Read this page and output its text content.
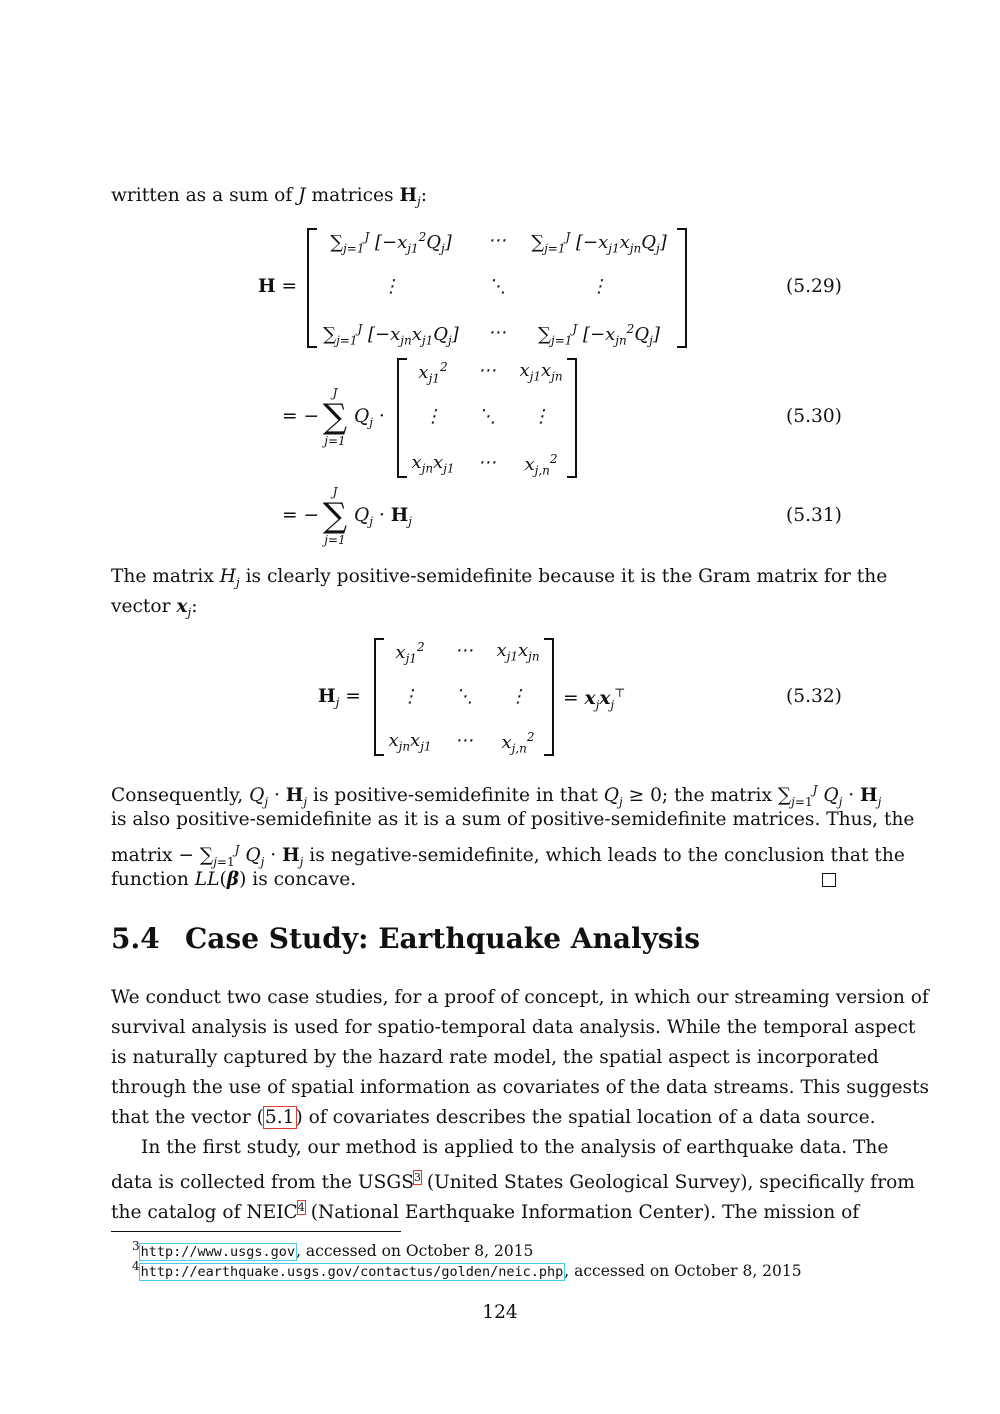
written as a sum of J matrices $H_j$:
H =
$\sum_{j=1}^J$ $[-x_{j1}^2Q_j]$ ⋯ $\sum_{j=1}^J$ $[-x_{j1}x_{jn}Q_j]$
⋮	⋱	⋮
$\sum_{j=1}^J$ $[-x_{jn}x_{j1}Q_j]$ ⋯ $\sum_{j=1}^J$ $[-x_{jn}^2Q_j]$
(5.29)
= −
J
∑
j=1
$Q_j$ ·
$x_{j1}^2$ ⋯ $x_{j1}x_{jn}$
⋮ ⋱ ⋮
$x_{jn}x_{j1}$ ⋯ $x_{j,n}^2$
(5.30)
= −
J
∑
j=1
$Q_j \cdot H_j$	(5.31)
The matrix $H_j$ is clearly positive-semidefinite because it is the Gram matrix for the
vector $x_j$:
$H_j$ =
$x_{j1}^2$ ⋯ $x_{j1}x_{jn}$
⋮ ⋱ ⋮
$x_{jn}x_{j1}$ ⋯ $x_{j,n}^2$
= $x_jx_j^⊤$	(5.32)
Consequently, $Q_j \cdot H_j$ is positive-semidefinite in that $Q_j \ge 0$; the matrix $\sum_{j=1}^J$ $Q_j \cdot H_j$
is also positive-semidefinite as it is a sum of positive-semidefinite matrices. Thus, the
matrix − $\sum_{j=1}^J$ $Q_j \cdot H_j$ is negative-semidefinite, which leads to the conclusion that the
function LL(β) is concave.
5.4 Case Study: Earthquake Analysis
We conduct two case studies, for a proof of concept, in which our streaming version of
survival analysis is used for spatio-temporal data analysis. While the temporal aspect
is naturally captured by the hazard rate model, the spatial aspect is incorporated
through the use of spatial information as covariates of the data streams. This suggests
that the vector (5.1) of covariates describes the spatial location of a data source.
In the first study, our method is applied to the analysis of earthquake data. The
data is collected from the USGS$^3$ (United States Geological Survey), specifically from
the catalog of NEIC$^4$ (National Earthquake Information Center). The mission of
$^3$http://www.usgs.gov, accessed on October 8, 2015
$^4$http://earthquake.usgs.gov/contactus/golden/neic.php, accessed on October 8, 2015
124
